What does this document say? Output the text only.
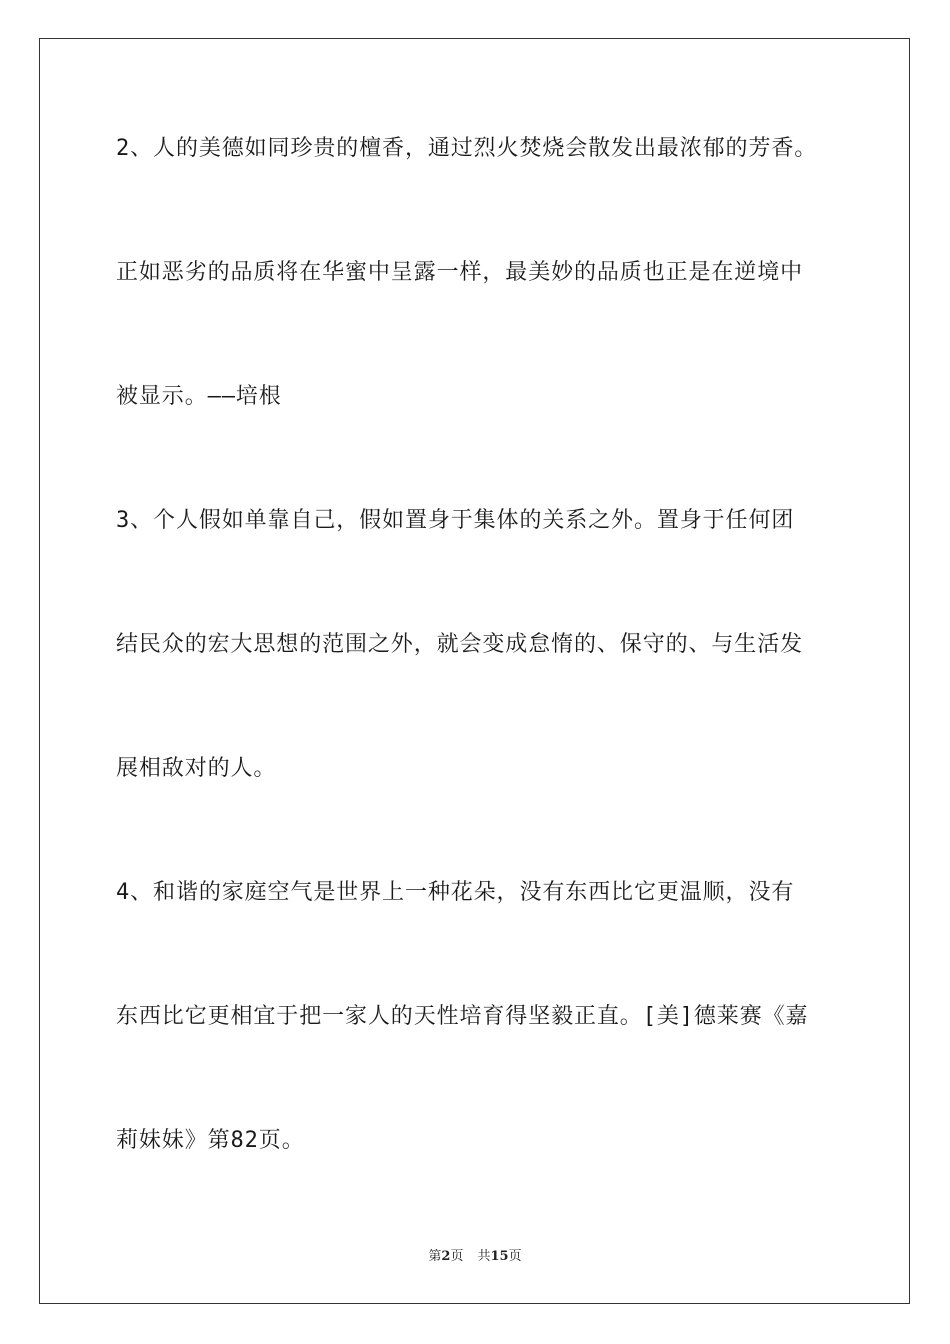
2、人的美德如同珍贵的檀香，通过烈火焚烧会散发出最浓郁的芳香。
正如恶劣的品质将在华蜜中呈露一样，最美妙的品质也正是在逆境中
被显示。——培根
3、个人假如单靠自己，假如置身于集体的关系之外。置身于任何团
结民众的宏大思想的范围之外，就会变成怠惰的、保守的、与生活发
展相敌对的人。
4、和谐的家庭空气是世界上一种花朵，没有东西比它更温顺，没有
东西比它更相宜于把一家人的天性培育得坚毅正直。[美]德莱赛《嘉
莉妹妹》第82页。
第2页 共15页
